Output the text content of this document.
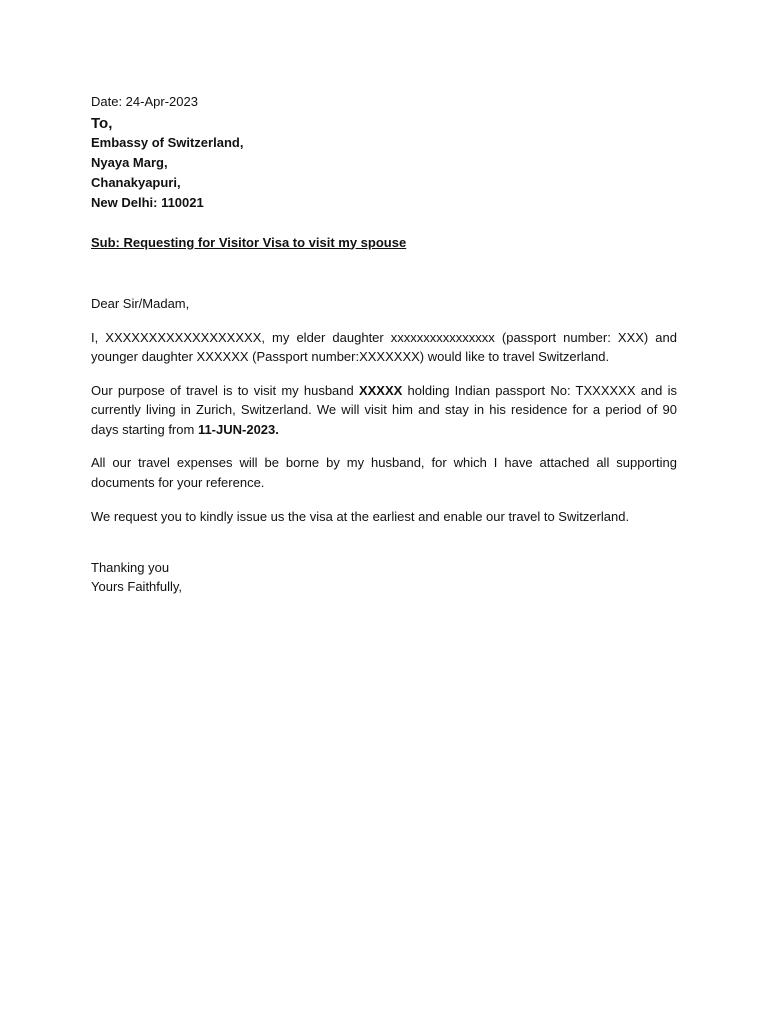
Date: 24-Apr-2023
To,
Embassy of Switzerland,
Nyaya Marg,
Chanakyapuri,
New Delhi: 110021
Sub: Requesting for Visitor Visa to visit my spouse
Dear Sir/Madam,
I, XXXXXXXXXXXXXXXXXX, my elder daughter xxxxxxxxxxxxxxxx (passport number: XXX) and younger daughter XXXXXX (Passport number:XXXXXXX) would like to travel Switzerland.
Our purpose of travel is to visit my husband XXXXX holding Indian passport No: TXXXXXX and is currently living in Zurich, Switzerland. We will visit him and stay in his residence for a period of 90 days starting from 11-JUN-2023.
All our travel expenses will be borne by my husband, for which I have attached all supporting documents for your reference.
We request you to kindly issue us the visa at the earliest and enable our travel to Switzerland.
Thanking you
Yours Faithfully,
